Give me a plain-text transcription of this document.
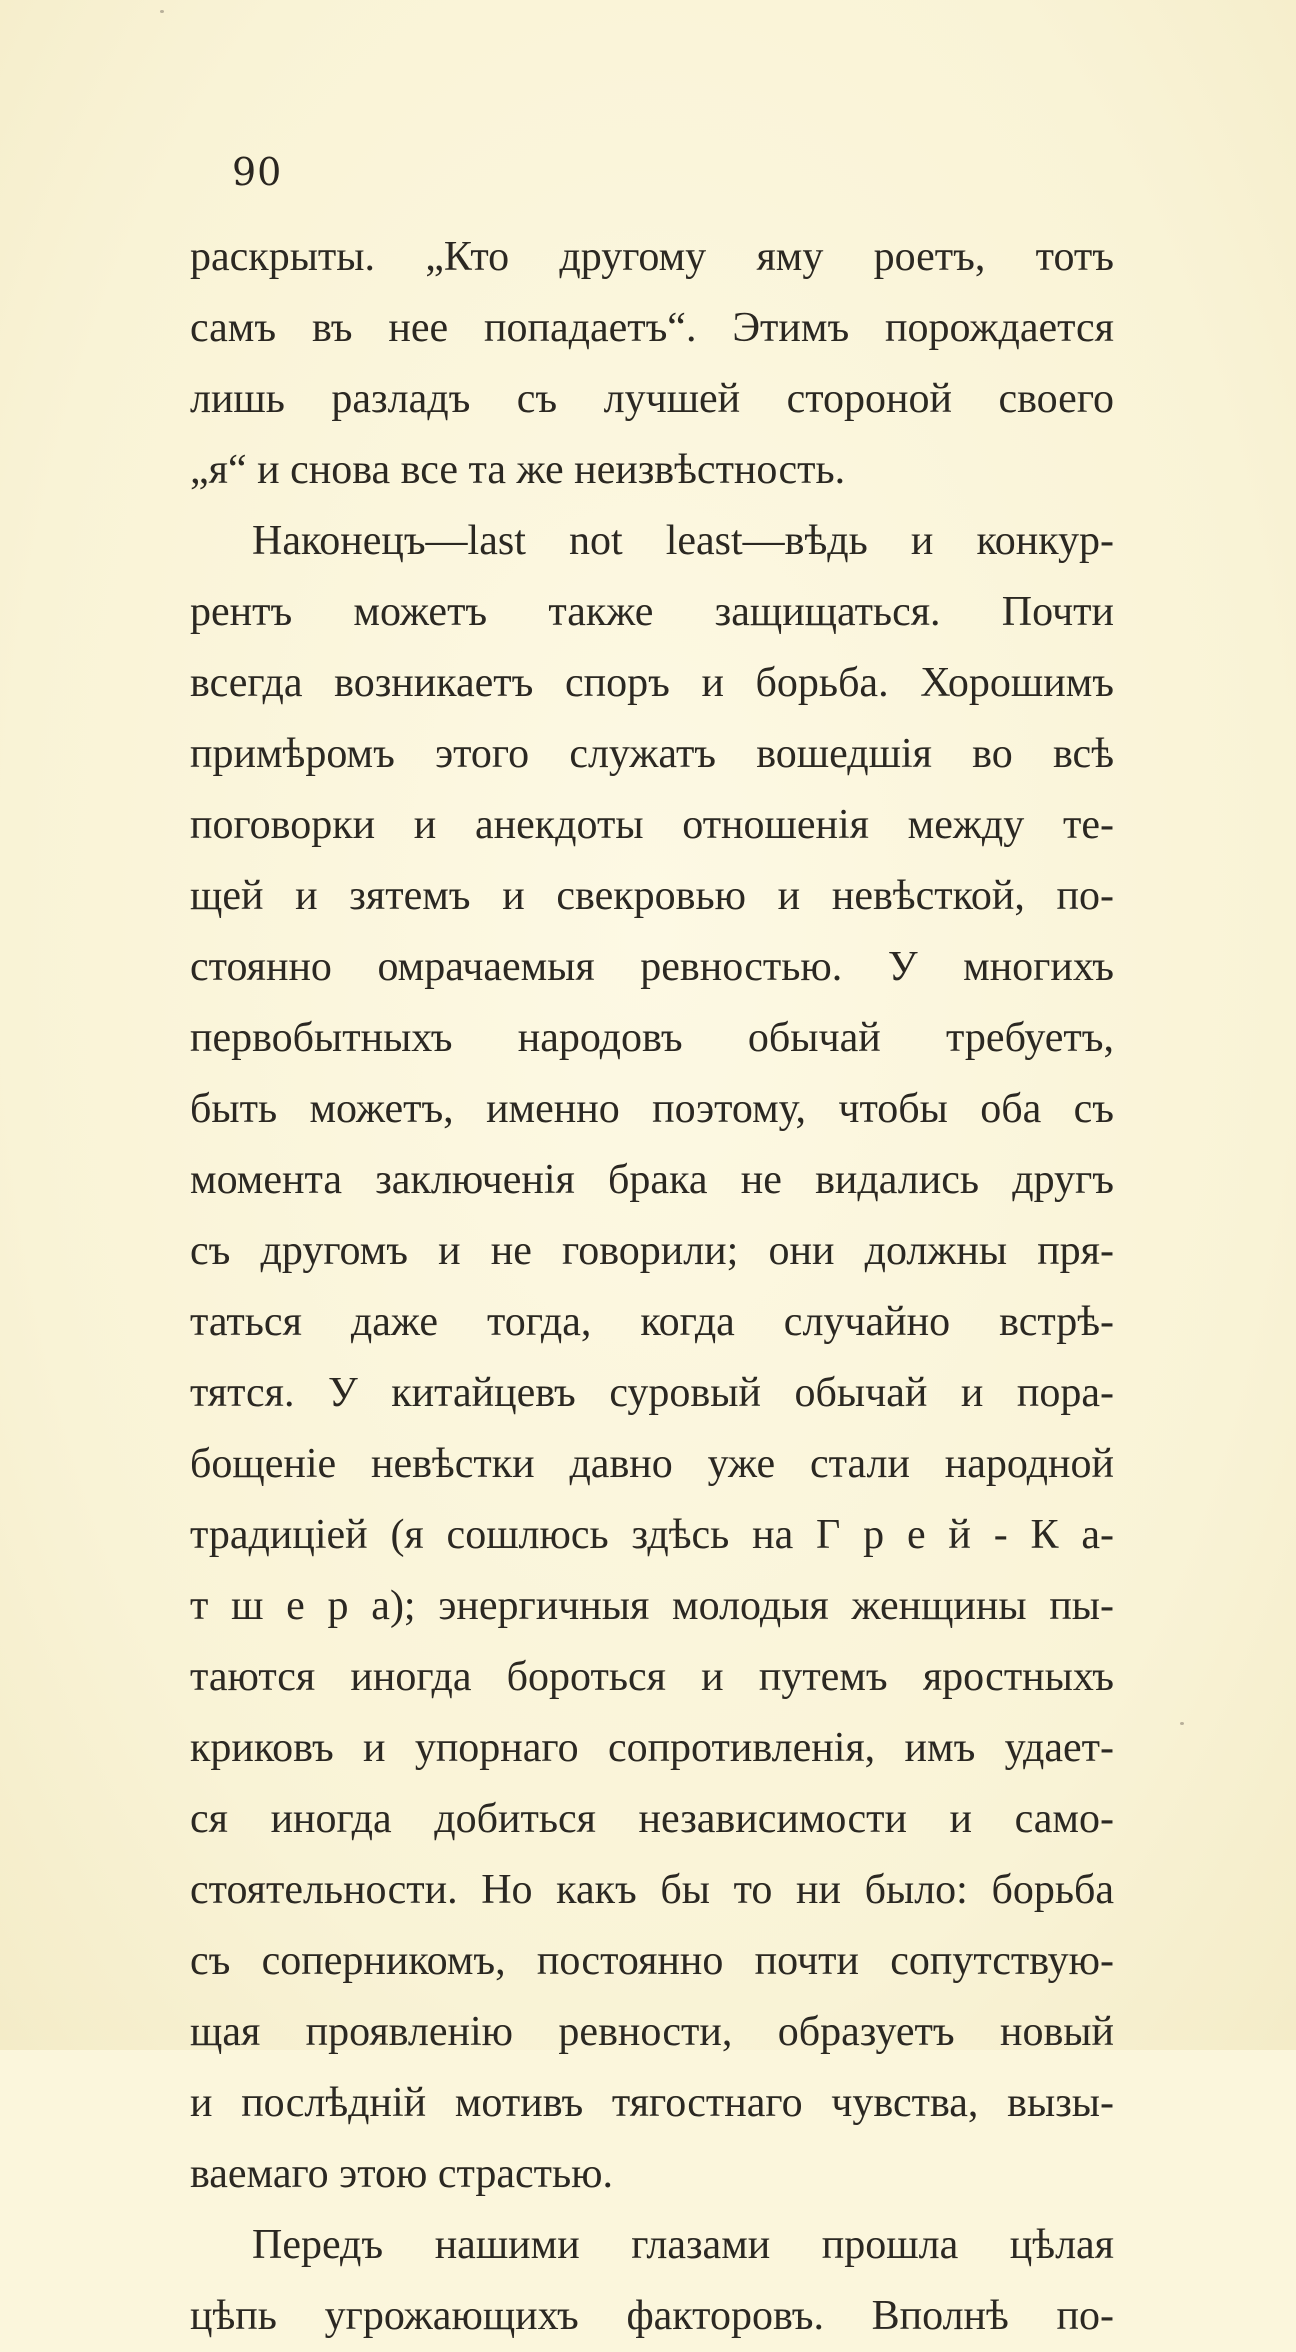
90
раскрыты. „Кто другому яму роетъ, тотъ
самъ въ нее попадаетъ“. Этимъ порождается
лишь разладъ съ лучшей стороной своего
„я“ и снова все та же неизвѣстность.
Наконецъ—last not least—вѣдь и конкур-
рентъ можетъ также защищаться. Почти
всегда возникаетъ споръ и борьба. Хорошимъ
примѣромъ этого служатъ вошедшія во всѣ
поговорки и анекдоты отношенія между те-
щей и зятемъ и свекровью и невѣсткой, по-
стоянно омрачаемыя ревностью. У многихъ
первобытныхъ народовъ обычай требуетъ,
быть можетъ, именно поэтому, чтобы оба съ
момента заключенія брака не видались другъ
съ другомъ и не говорили; они должны пря-
таться даже тогда, когда случайно встрѣ-
тятся. У китайцевъ суровый обычай и пора-
бощеніе невѣстки давно уже стали народной
традиціей (я сошлюсь здѣсь на Г р е й - К а-
т ш е р а); энергичныя молодыя женщины пы-
таются иногда бороться и путемъ яростныхъ
криковъ и упорнаго сопротивленія, имъ удает-
ся иногда добиться независимости и само-
стоятельности. Но какъ бы то ни было: борьба
съ соперникомъ, постоянно почти сопутствую-
щая проявленію ревности, образуетъ новый
и послѣдній мотивъ тягостнаго чувства, вызы-
ваемаго этою страстью.
Передъ нашими глазами прошла цѣлая
цѣпь угрожающихъ факторовъ. Вполнѣ по-
